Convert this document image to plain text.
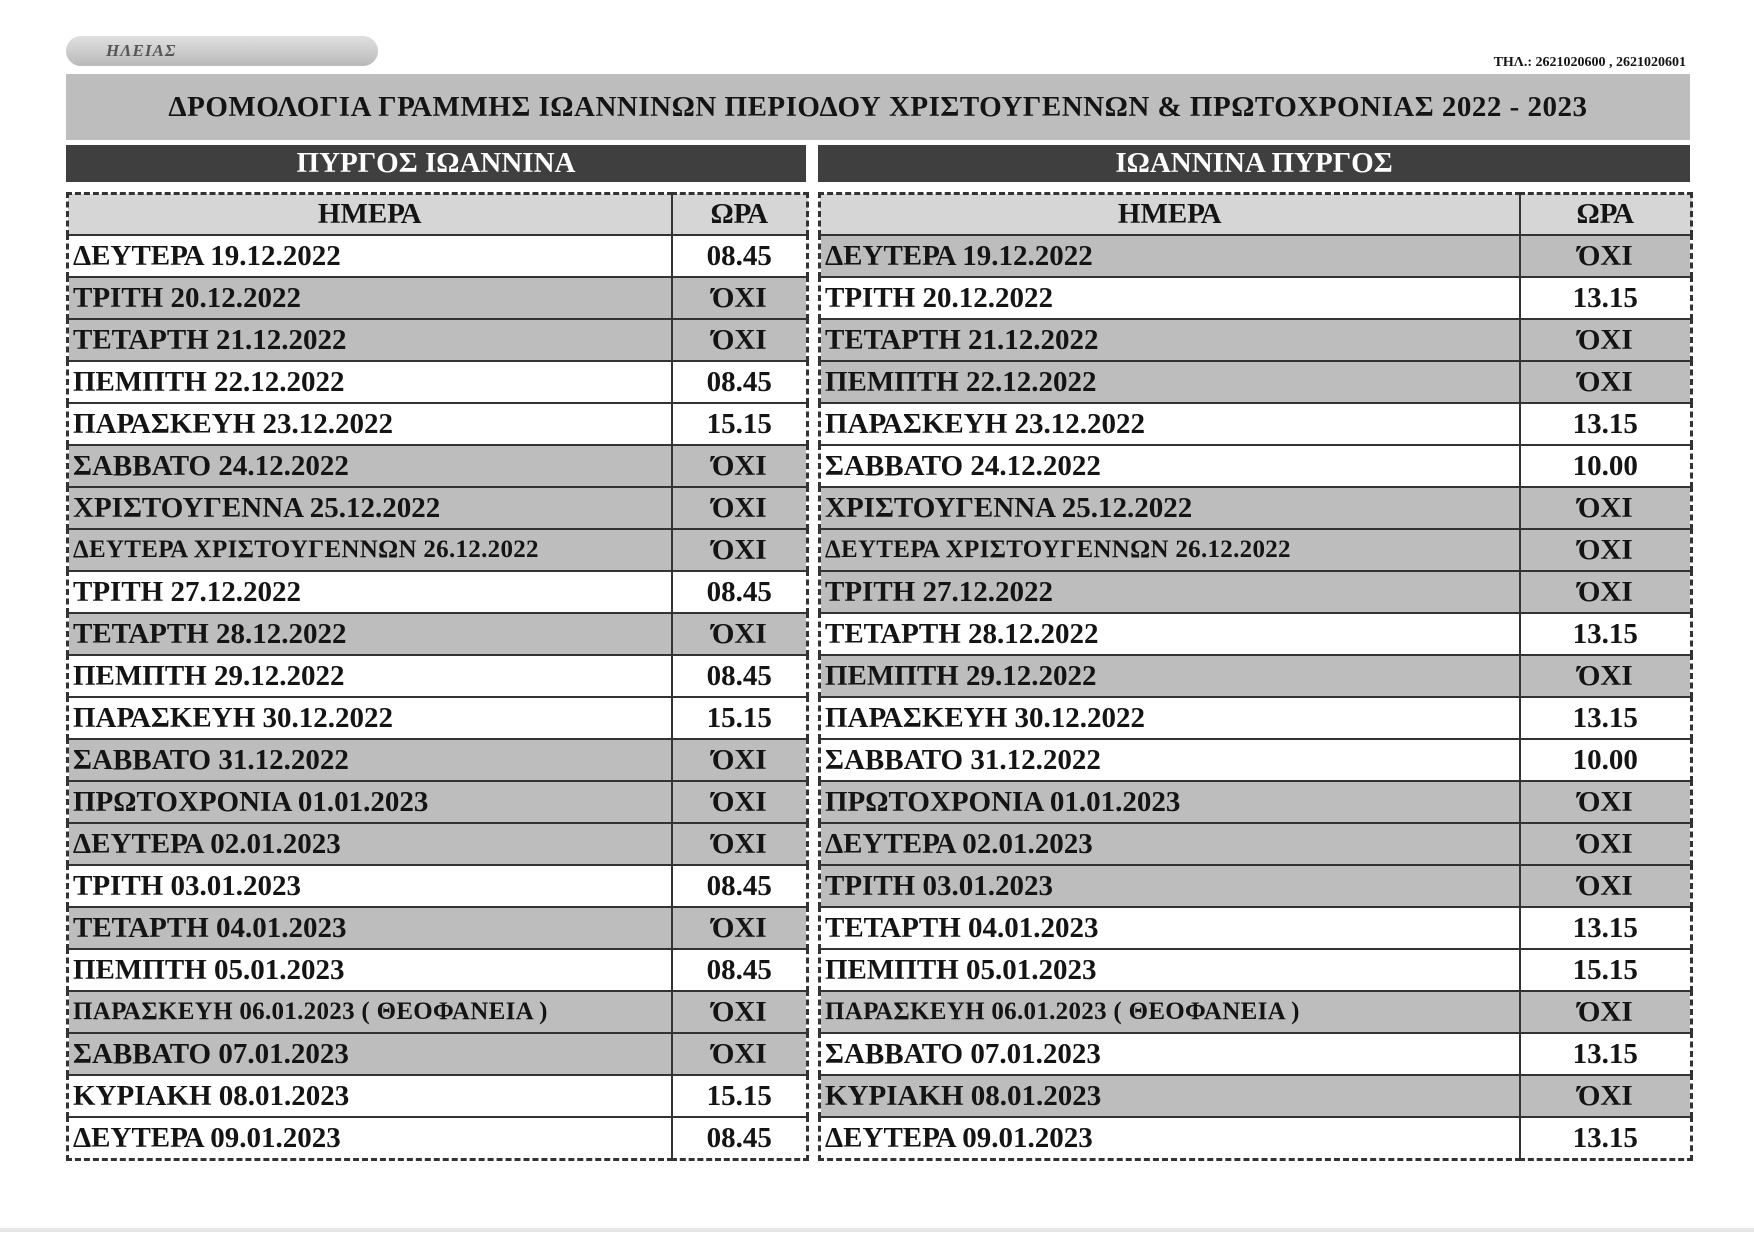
ΗΛΕΙΑΣ
ΤΗΛ.: 2621020600 , 2621020601
ΔΡΟΜΟΛΟΓΙΑ ΓΡΑΜΜΗΣ ΙΩΑΝΝΙΝΩΝ ΠΕΡΙΟΔΟΥ ΧΡΙΣΤΟΥΓΕΝΝΩΝ & ΠΡΩΤΟΧΡΟΝΙΑΣ 2022 - 2023
ΠΥΡΓΟΣ ΙΩΑΝΝΙΝΑ	ΙΩΑΝΝΙΝΑ ΠΥΡΓΟΣ
ΗΜΕΡΑ	ΩΡΑ
ΔΕΥΤΕΡΑ 19.12.2022	08.45
ΤΡΙΤΗ 20.12.2022	ΌΧΙ
ΤΕΤΑΡΤΗ 21.12.2022	ΌΧΙ
ΠΕΜΠΤΗ 22.12.2022	08.45
ΠΑΡΑΣΚΕΥΗ 23.12.2022	15.15
ΣΑΒΒΑΤΟ 24.12.2022	ΌΧΙ
ΧΡΙΣΤΟΥΓΕΝΝΑ 25.12.2022	ΌΧΙ
ΔΕΥΤΕΡΑ ΧΡΙΣΤΟΥΓΕΝΝΩΝ 26.12.2022	ΌΧΙ
ΤΡΙΤΗ 27.12.2022	08.45
ΤΕΤΑΡΤΗ 28.12.2022	ΌΧΙ
ΠΕΜΠΤΗ 29.12.2022	08.45
ΠΑΡΑΣΚΕΥΗ 30.12.2022	15.15
ΣΑΒΒΑΤΟ 31.12.2022	ΌΧΙ
ΠΡΩΤΟΧΡΟΝΙΑ 01.01.2023	ΌΧΙ
ΔΕΥΤΕΡΑ 02.01.2023	ΌΧΙ
ΤΡΙΤΗ 03.01.2023	08.45
ΤΕΤΑΡΤΗ 04.01.2023	ΌΧΙ
ΠΕΜΠΤΗ 05.01.2023	08.45
ΠΑΡΑΣΚΕΥΗ 06.01.2023 ( ΘΕΟΦΑΝΕΙΑ )	ΌΧΙ
ΣΑΒΒΑΤΟ 07.01.2023	ΌΧΙ
ΚΥΡΙΑΚΗ 08.01.2023	15.15
ΔΕΥΤΕΡΑ 09.01.2023	08.45
ΗΜΕΡΑ	ΩΡΑ
ΔΕΥΤΕΡΑ 19.12.2022	ΌΧΙ
ΤΡΙΤΗ 20.12.2022	13.15
ΤΕΤΑΡΤΗ 21.12.2022	ΌΧΙ
ΠΕΜΠΤΗ 22.12.2022	ΌΧΙ
ΠΑΡΑΣΚΕΥΗ 23.12.2022	13.15
ΣΑΒΒΑΤΟ 24.12.2022	10.00
ΧΡΙΣΤΟΥΓΕΝΝΑ 25.12.2022	ΌΧΙ
ΔΕΥΤΕΡΑ ΧΡΙΣΤΟΥΓΕΝΝΩΝ 26.12.2022	ΌΧΙ
ΤΡΙΤΗ 27.12.2022	ΌΧΙ
ΤΕΤΑΡΤΗ 28.12.2022	13.15
ΠΕΜΠΤΗ 29.12.2022	ΌΧΙ
ΠΑΡΑΣΚΕΥΗ 30.12.2022	13.15
ΣΑΒΒΑΤΟ 31.12.2022	10.00
ΠΡΩΤΟΧΡΟΝΙΑ 01.01.2023	ΌΧΙ
ΔΕΥΤΕΡΑ 02.01.2023	ΌΧΙ
ΤΡΙΤΗ 03.01.2023	ΌΧΙ
ΤΕΤΑΡΤΗ 04.01.2023	13.15
ΠΕΜΠΤΗ 05.01.2023	15.15
ΠΑΡΑΣΚΕΥΗ 06.01.2023 ( ΘΕΟΦΑΝΕΙΑ )	ΌΧΙ
ΣΑΒΒΑΤΟ 07.01.2023	13.15
ΚΥΡΙΑΚΗ 08.01.2023	ΌΧΙ
ΔΕΥΤΕΡΑ 09.01.2023	13.15
